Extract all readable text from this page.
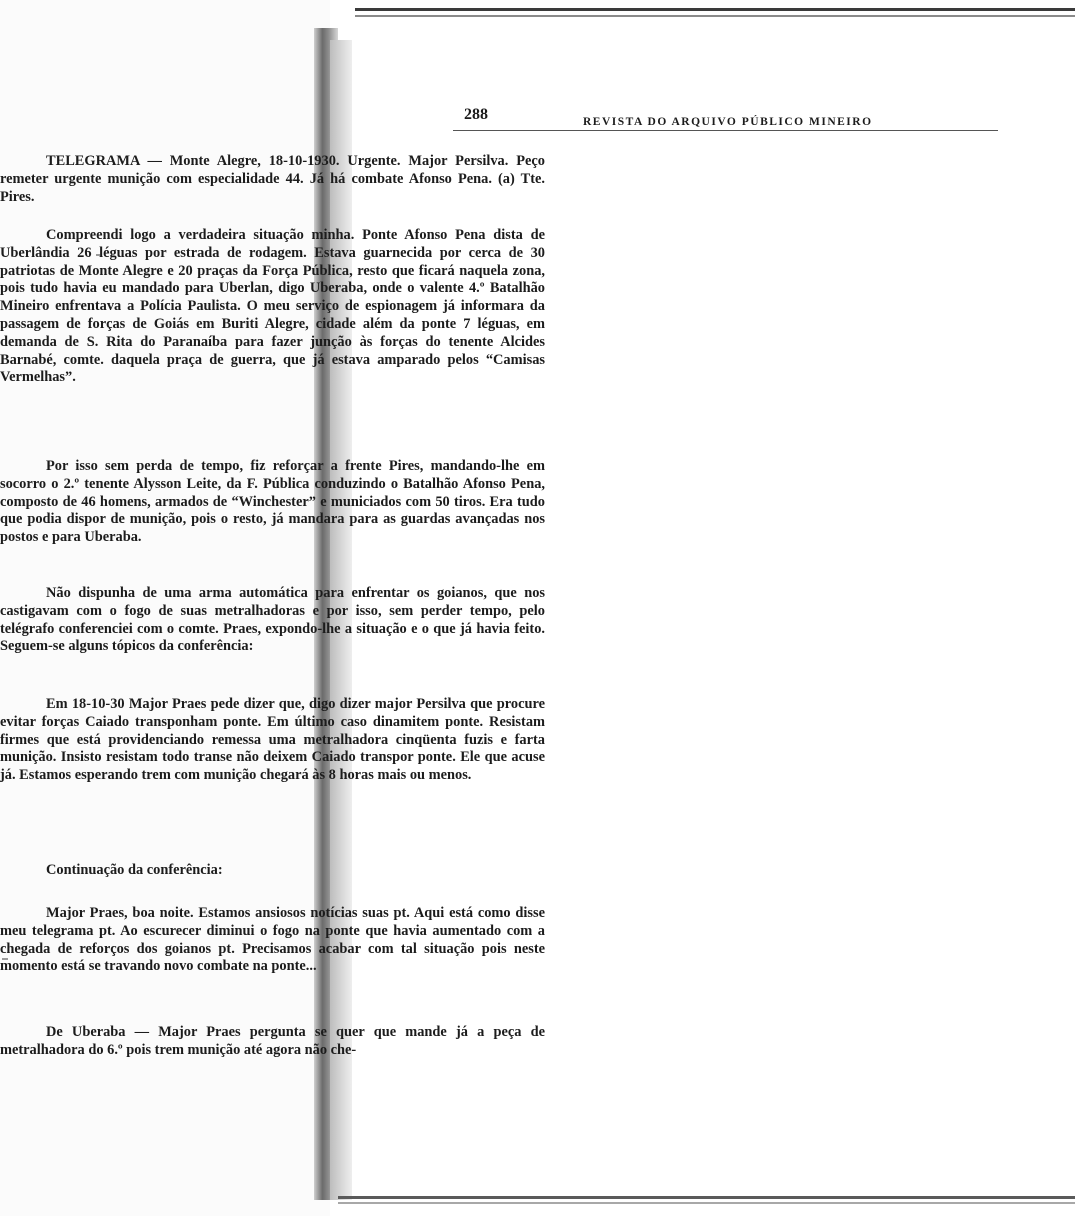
288	REVISTA DO ARQUIVO PÚBLICO MINEIRO

TELEGRAMA — Monte Alegre, 18-10-1930. Urgente. Major Persilva. Peço remeter urgente munição com especialidade 44. Já há combate Afonso Pena. (a) Tte. Pires.

Compreendi logo a verdadeira situação minha. Ponte Afonso Pena dista de Uberlândia 26 léguas por estrada de rodagem. Estava guarnecida por cerca de 30 patriotas de Monte Alegre e 20 praças da Força Pública, resto que ficará naquela zona, pois tudo havia eu mandado para Uberlan, digo Uberaba, onde o valente 4.º Batalhão Mineiro enfrentava a Polícia Paulista. O meu serviço de espionagem já informara da passagem de forças de Goiás em Buriti Alegre, cidade além da ponte 7 léguas, em demanda de S. Rita do Paranaíba para fazer junção às forças do tenente Alcides Barnabé, comte. daquela praça de guerra, que já estava amparado pelos “Camisas Vermelhas”.

Por isso sem perda de tempo, fiz reforçar a frente Pires, mandando-lhe em socorro o 2.º tenente Alysson Leite, da F. Pública conduzindo o Batalhão Afonso Pena, composto de 46 homens, armados de “Winchester” e municiados com 50 tiros. Era tudo que podia dispor de munição, pois o resto, já mandara para as guardas avançadas nos postos e para Uberaba.

Não dispunha de uma arma automática para enfrentar os goianos, que nos castigavam com o fogo de suas metralhadoras e por isso, sem perder tempo, pelo telégrafo conferenciei com o comte. Praes, expondo-lhe a situação e o que já havia feito. Seguem-se alguns tópicos da conferência:

Em 18-10-30 Major Praes pede dizer que, digo dizer major Persilva que procure evitar forças Caiado transponham ponte. Em último caso dinamitem ponte. Resistam firmes que está providenciando remessa uma metralhadora cinqüenta fuzis e farta munição. Insisto resistam todo transe não deixem Caiado transpor ponte. Ele que acuse já. Estamos esperando trem com munição chegará às 8 horas mais ou menos.

Continuação da conferência:

Major Praes, boa noite. Estamos ansiosos notícias suas pt. Aqui está como disse meu telegrama pt. Ao escurecer diminui o fogo na ponte que havia aumentado com a chegada de reforços dos goianos pt. Precisamos acabar com tal situação pois neste momento está se travando novo combate na ponte...

De Uberaba — Major Praes pergunta se quer que mande já a peça de metralhadora do 6.º pois trem munição até agora não che-
